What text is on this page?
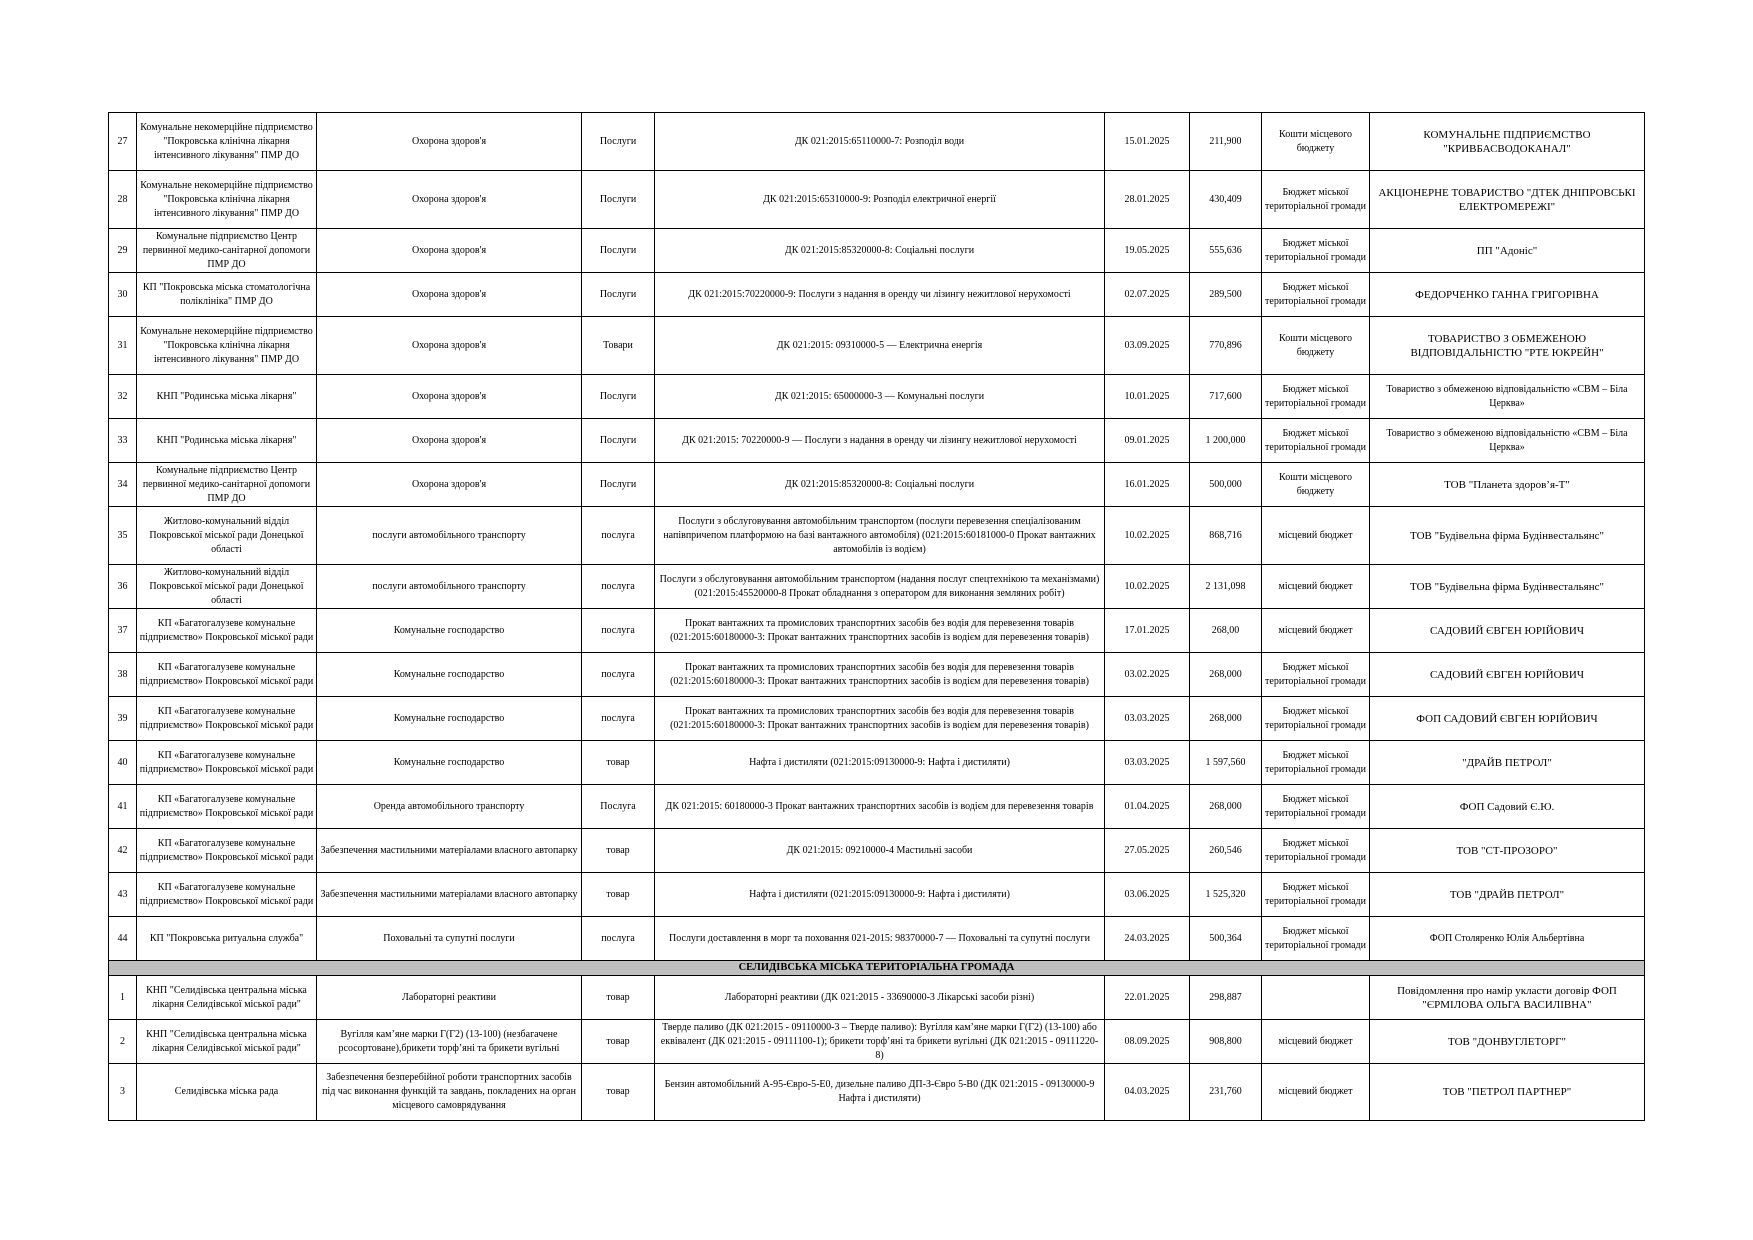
27	Комунальне некомерційне підприємство "Покровська клінічна лікарня інтенсивного лікування" ПМР ДО	Охорона здоров'я	Послуги	ДК 021:2015:65110000-7: Розподіл води	15.01.2025	211,900	Кошти місцевого бюджету	КОМУНАЛЬНЕ ПІДПРИЄМСТВО "КРИВБАСВОДОКАНАЛ"
28	Комунальне некомерційне підприємство "Покровська клінічна лікарня інтенсивного лікування" ПМР ДО	Охорона здоров'я	Послуги	ДК 021:2015:65310000-9: Розподіл електричної енергії	28.01.2025	430,409	Бюджет міської територіальної громади	АКЦІОНЕРНЕ ТОВАРИСТВО "ДТЕК ДНІПРОВСЬКІ ЕЛЕКТРОМЕРЕЖІ"
29	Комунальне підприємство Центр первинної медико-санітарної допомоги ПМР ДО	Охорона здоров'я	Послуги	ДК 021:2015:85320000-8: Соціальні послуги	19.05.2025	555,636	Бюджет міської територіальної громади	ПП "Адоніс"
30	КП "Покровська міська стоматологічна поліклініка" ПМР ДО	Охорона здоров'я	Послуги	ДК 021:2015:70220000-9: Послуги з надання в оренду чи лізингу нежитлової нерухомості	02.07.2025	289,500	Бюджет міської територіальної громади	ФЕДОРЧЕНКО ГАННА ГРИГОРІВНА
31	Комунальне некомерційне підприємство "Покровська клінічна лікарня інтенсивного лікування" ПМР ДО	Охорона здоров'я	Товари	ДК 021:2015: 09310000-5 — Електрична енергія	03.09.2025	770,896	Кошти місцевого бюджету	ТОВАРИСТВО З ОБМЕЖЕНОЮ ВІДПОВІДАЛЬНІСТЮ "РТЕ ЮКРЕЙН"
32	КНП "Родинська міська лікарня"	Охорона здоров'я	Послуги	ДК 021:2015: 65000000-3 — Комунальні послуги	10.01.2025	717,600	Бюджет міської територіальної громади	Товариство з обмеженою відповідальністю «СВМ – Біла Церква»
33	КНП "Родинська міська лікарня"	Охорона здоров'я	Послуги	ДК 021:2015: 70220000-9 — Послуги з надання в оренду чи лізингу нежитлової нерухомості	09.01.2025	1 200,000	Бюджет міської територіальної громади	Товариство з обмеженою відповідальністю «СВМ – Біла Церква»
34	Комунальне підприємство Центр первинної медико-санітарної допомоги ПМР ДО	Охорона здоров'я	Послуги	ДК 021:2015:85320000-8: Соціальні послуги	16.01.2025	500,000	Кошти місцевого бюджету	ТОВ "Планета здоров’я-Т"
35	Житлово-комунальний відділ Покровської міської ради Донецької області	послуги автомобільного транспорту	послуга	Послуги з обслуговування автомобільним транспортом (послуги перевезення спеціалізованим напівпричепом платформою на базі вантажного автомобіля) (021:2015:60181000-0 Прокат вантажних автомобілів із водієм)	10.02.2025	868,716	місцевий бюджет	ТОВ "Будівельна фірма Будінвестальянс"
36	Житлово-комунальний відділ Покровської міської ради Донецької області	послуги автомобільного транспорту	послуга	Послуги з обслуговування автомобільним транспортом (надання послуг спецтехнікою та механізмами) (021:2015:45520000-8 Прокат обладнання з оператором для виконання земляних робіт)	10.02.2025	2 131,098	місцевий бюджет	ТОВ "Будівельна фірма Будінвестальянс"
37	КП «Багатогалузеве комунальне підприємство» Покровської міської ради	Комунальне господарство	послуга	Прокат вантажних та промислових транспортних засобів без водія для перевезення товарів (021:2015:60180000-3: Прокат вантажних транспортних засобів із водієм для перевезення товарів)	17.01.2025	268,00	місцевий бюджет	САДОВИЙ ЄВГЕН ЮРІЙОВИЧ
38	КП «Багатогалузеве комунальне підприємство» Покровської міської ради	Комунальне господарство	послуга	Прокат вантажних та промислових транспортних засобів без водія для перевезення товарів (021:2015:60180000-3: Прокат вантажних транспортних засобів із водієм для перевезення товарів)	03.02.2025	268,000	Бюджет міської територіальної громади	САДОВИЙ ЄВГЕН ЮРІЙОВИЧ
39	КП «Багатогалузеве комунальне підприємство» Покровської міської ради	Комунальне господарство	послуга	Прокат вантажних та промислових транспортних засобів без водія для перевезення товарів (021:2015:60180000-3: Прокат вантажних транспортних засобів із водієм для перевезення товарів)	03.03.2025	268,000	Бюджет міської територіальної громади	ФОП САДОВИЙ ЄВГЕН ЮРІЙОВИЧ
40	КП «Багатогалузеве комунальне підприємство» Покровської міської ради	Комунальне господарство	товар	Нафта і дистиляти (021:2015:09130000-9: Нафта і дистиляти)	03.03.2025	1 597,560	Бюджет міської територіальної громади	"ДРАЙВ ПЕТРОЛ"
41	КП «Багатогалузеве комунальне підприємство» Покровської міської ради	Оренда автомобільного транспорту	Послуга	ДК 021:2015: 60180000-3 Прокат вантажних транспортних засобів із водієм для перевезення товарів	01.04.2025	268,000	Бюджет міської територіальної громади	ФОП Садовий Є.Ю.
42	КП «Багатогалузеве комунальне підприємство» Покровської міської ради	Забезпечення мастильними матеріалами власного автопарку	товар	ДК 021:2015: 09210000-4 Мастильні засоби	27.05.2025	260,546	Бюджет міської територіальної громади	ТОВ "СТ-ПРОЗОРО"
43	КП «Багатогалузеве комунальне підприємство» Покровської міської ради	Забезпечення мастильними матеріалами власного автопарку	товар	Нафта і дистиляти (021:2015:09130000-9: Нафта і дистиляти)	03.06.2025	1 525,320	Бюджет міської територіальної громади	ТОВ "ДРАЙВ ПЕТРОЛ"
44	КП "Покровська ритуальна служба"	Поховальні та супутні послуги	послуга	Послуги доставлення в морг та поховання 021-2015: 98370000-7 — Поховальні та супутні послуги	24.03.2025	500,364	Бюджет міської територіальної громади	ФОП Столяренко Юлія Альбертівна
СЕЛИДІВСЬКА МІСЬКА ТЕРИТОРІАЛЬНА ГРОМАДА								
1	КНП "Селидівська центральна міська лікарня Селидівської міської ради"	Лабораторні реактиви	товар	Лабораторні реактиви (ДК 021:2015 - 33690000-3 Лікарські засоби різні)	22.01.2025	298,887		Повідомлення про намір укласти договір ФОП "ЄРМІЛОВА ОЛЬГА ВАСИЛІВНА"
2	КНП "Селидівська центральна міська лікарня Селидівської міської ради"	Вугілля кам’яне марки Г(Г2) (13-100) (незбагачене рсосортоване),брикети торф’яні та брикети вугільні	товар	Тверде паливо (ДК 021:2015 - 09110000-3 – Тверде паливо): Вугілля кам’яне марки Г(Г2) (13-100) або еквівалент (ДК 021:2015 - 09111100-1); брикети торф’яні та брикети вугільні (ДК 021:2015 - 09111220-8)	08.09.2025	908,800	місцевий бюджет	ТОВ "ДОНВУГЛЕТОРГ"
3	Селидівська міська рада	Забезпечення безперебійної роботи транспортних засобів під час виконання функцій та завдань, покладених на орган місцевого самоврядування	товар	Бензин автомобільний А-95-Євро-5-Е0, дизельне паливо ДП-З-Євро 5-В0 (ДК 021:2015 - 09130000-9 Нафта і дистиляти)	04.03.2025	231,760	місцевий бюджет	ТОВ "ПЕТРОЛ ПАРТНЕР"
